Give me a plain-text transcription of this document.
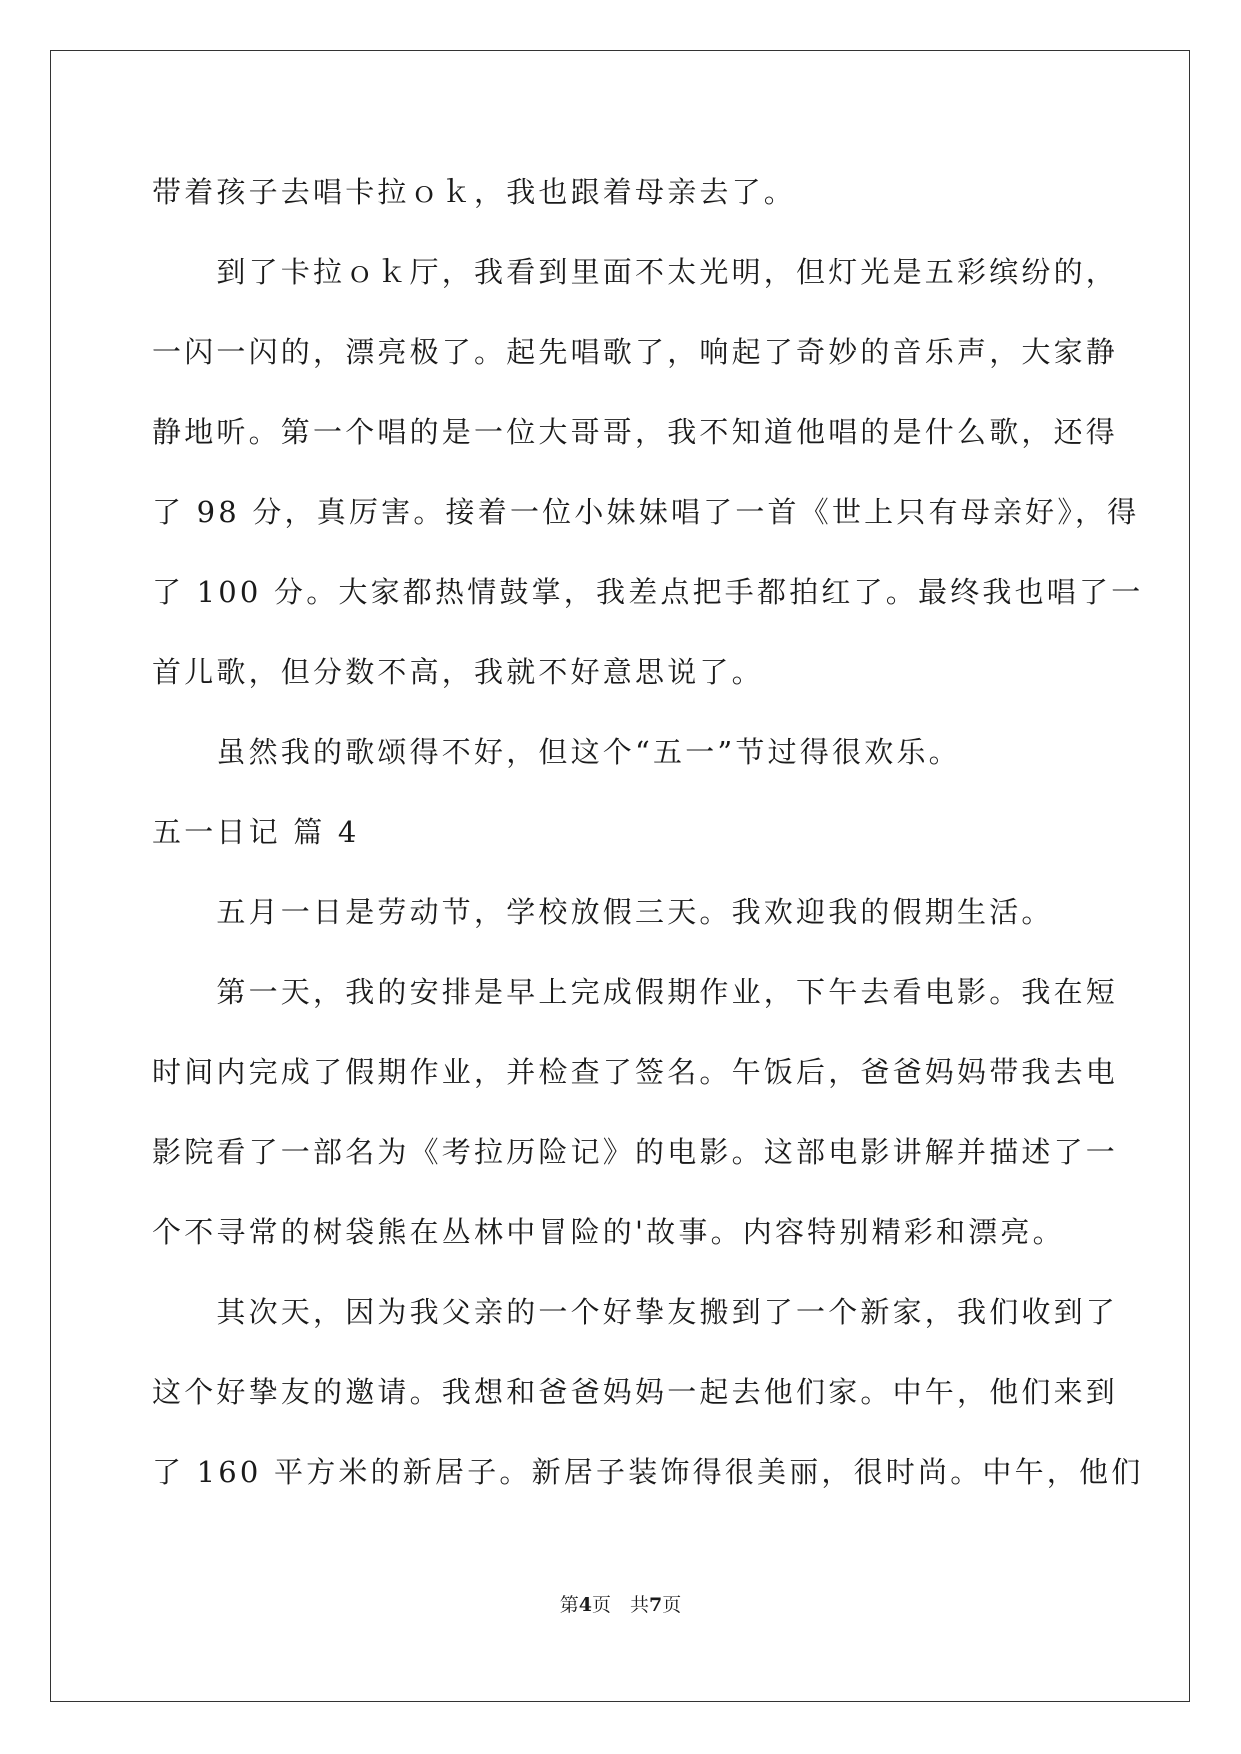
带着孩子去唱卡拉ｏｋ，我也跟着母亲去了。
　　到了卡拉ｏｋ厅，我看到里面不太光明，但灯光是五彩缤纷的，
一闪一闪的，漂亮极了。起先唱歌了，响起了奇妙的音乐声，大家静
静地听。第一个唱的是一位大哥哥，我不知道他唱的是什么歌，还得
了 98 分，真厉害。接着一位小妹妹唱了一首《世上只有母亲好》，得
了 100 分。大家都热情鼓掌，我差点把手都拍红了。最终我也唱了一
首儿歌，但分数不高，我就不好意思说了。
　　虽然我的歌颂得不好，但这个“五一”节过得很欢乐。
五一日记 篇 4
　　五月一日是劳动节，学校放假三天。我欢迎我的假期生活。
　　第一天，我的安排是早上完成假期作业，下午去看电影。我在短
时间内完成了假期作业，并检查了签名。午饭后，爸爸妈妈带我去电
影院看了一部名为《考拉历险记》的电影。这部电影讲解并描述了一
个不寻常的树袋熊在丛林中冒险的'故事。内容特别精彩和漂亮。
　　其次天，因为我父亲的一个好挚友搬到了一个新家，我们收到了
这个好挚友的邀请。我想和爸爸妈妈一起去他们家。中午，他们来到
了 160 平方米的新居子。新居子装饰得很美丽，很时尚。中午，他们
第4页　共7页
